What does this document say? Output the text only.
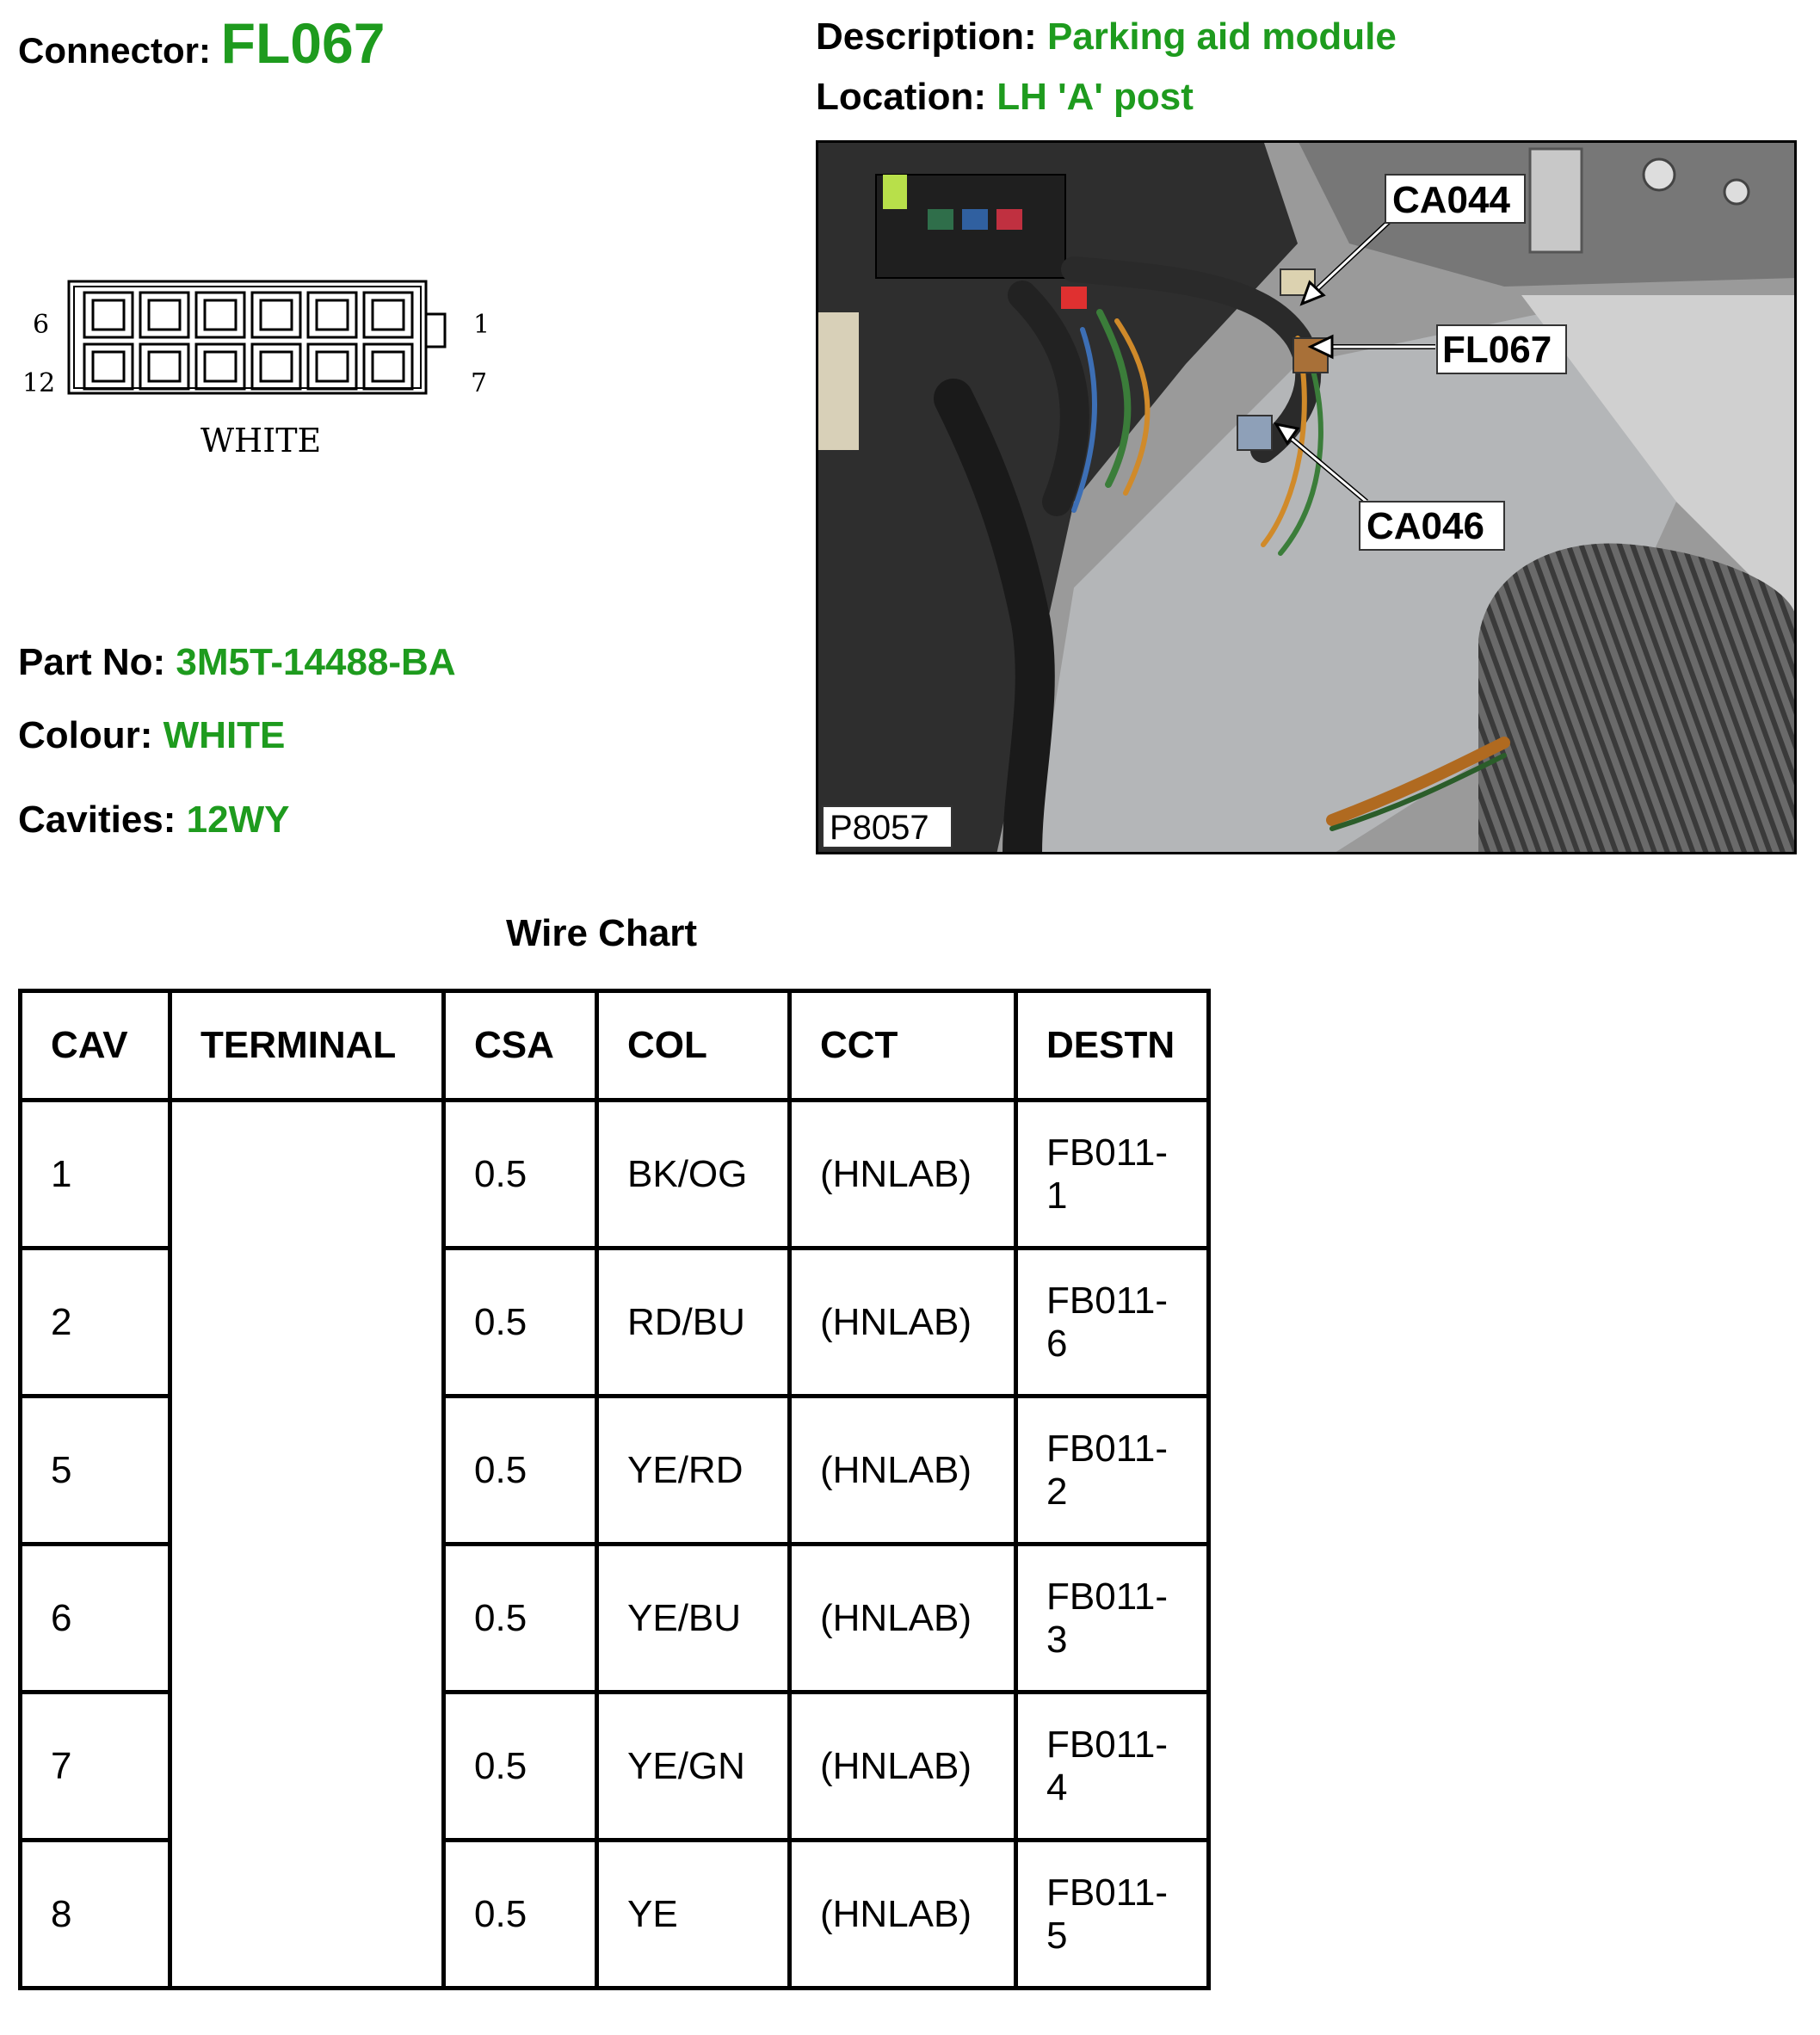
Connector: FL067	Description: Parking aid module
Location: LH 'A' post
6
12
1
7
WHITE
Part No: 3M5T-14488-BA
Colour: WHITE
Cavities: 12WY
CA044
FL067
CA046
P8057
Wire Chart
CAV	TERMINAL	CSA	COL	CCT	DESTN
1		0.5	BK/OG	(HNLAB)	FB011-
1
2		0.5	RD/BU	(HNLAB)	FB011-
6
5		0.5	YE/RD	(HNLAB)	FB011-
2
6		0.5	YE/BU	(HNLAB)	FB011-
3
7		0.5	YE/GN	(HNLAB)	FB011-
4
8		0.5	YE	(HNLAB)	FB011-
5
